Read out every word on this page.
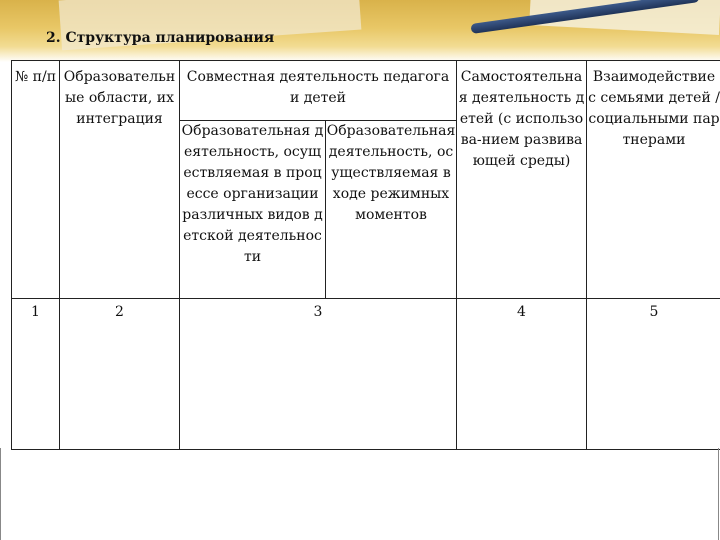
2. Структура планирования
№ п/п	Образовательные области, их интеграция	Совместная деятельность педагога и детей		Самостоятельная деятельность детей (с использова-нием развивающей среды)	Взаимодействие с семьями детей / социальными партнерами
		Образовательная деятельность, осуществляемая в процессе организации различных видов детской деятельности	Образовательная деятельность, осуществляемая в ходе режимных моментов		
1	2	3		4	5
